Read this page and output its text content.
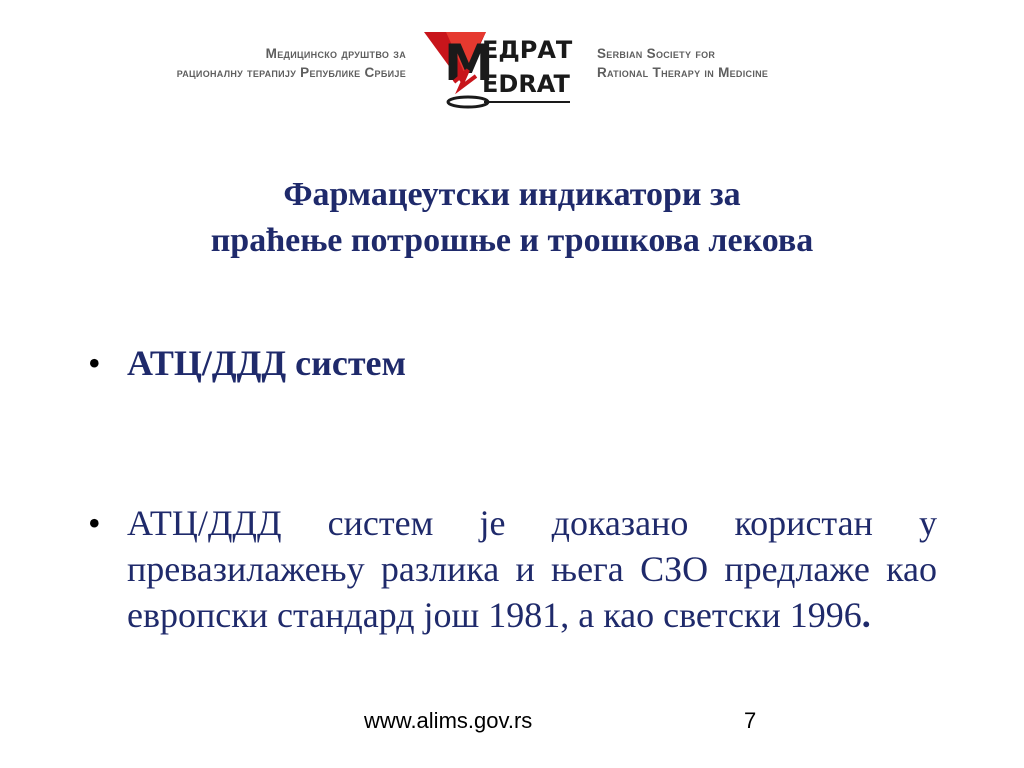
Медицинско друштво за
рационалну терапију Републике Србије M
ЕДРАТ
EDRAT
Serbian Society for
Rational Therapy in Medicine
Фармацеутски индикатори за
праћење потрошње и трошкова лекова
• АТЦ/ДДД систем
• АТЦ/ДДД систем је доказано користан у превазилажењу разлика и њега СЗО предлаже као европски стандард још 1981, а као светски 1996.
www.alims.gov.rs	7
